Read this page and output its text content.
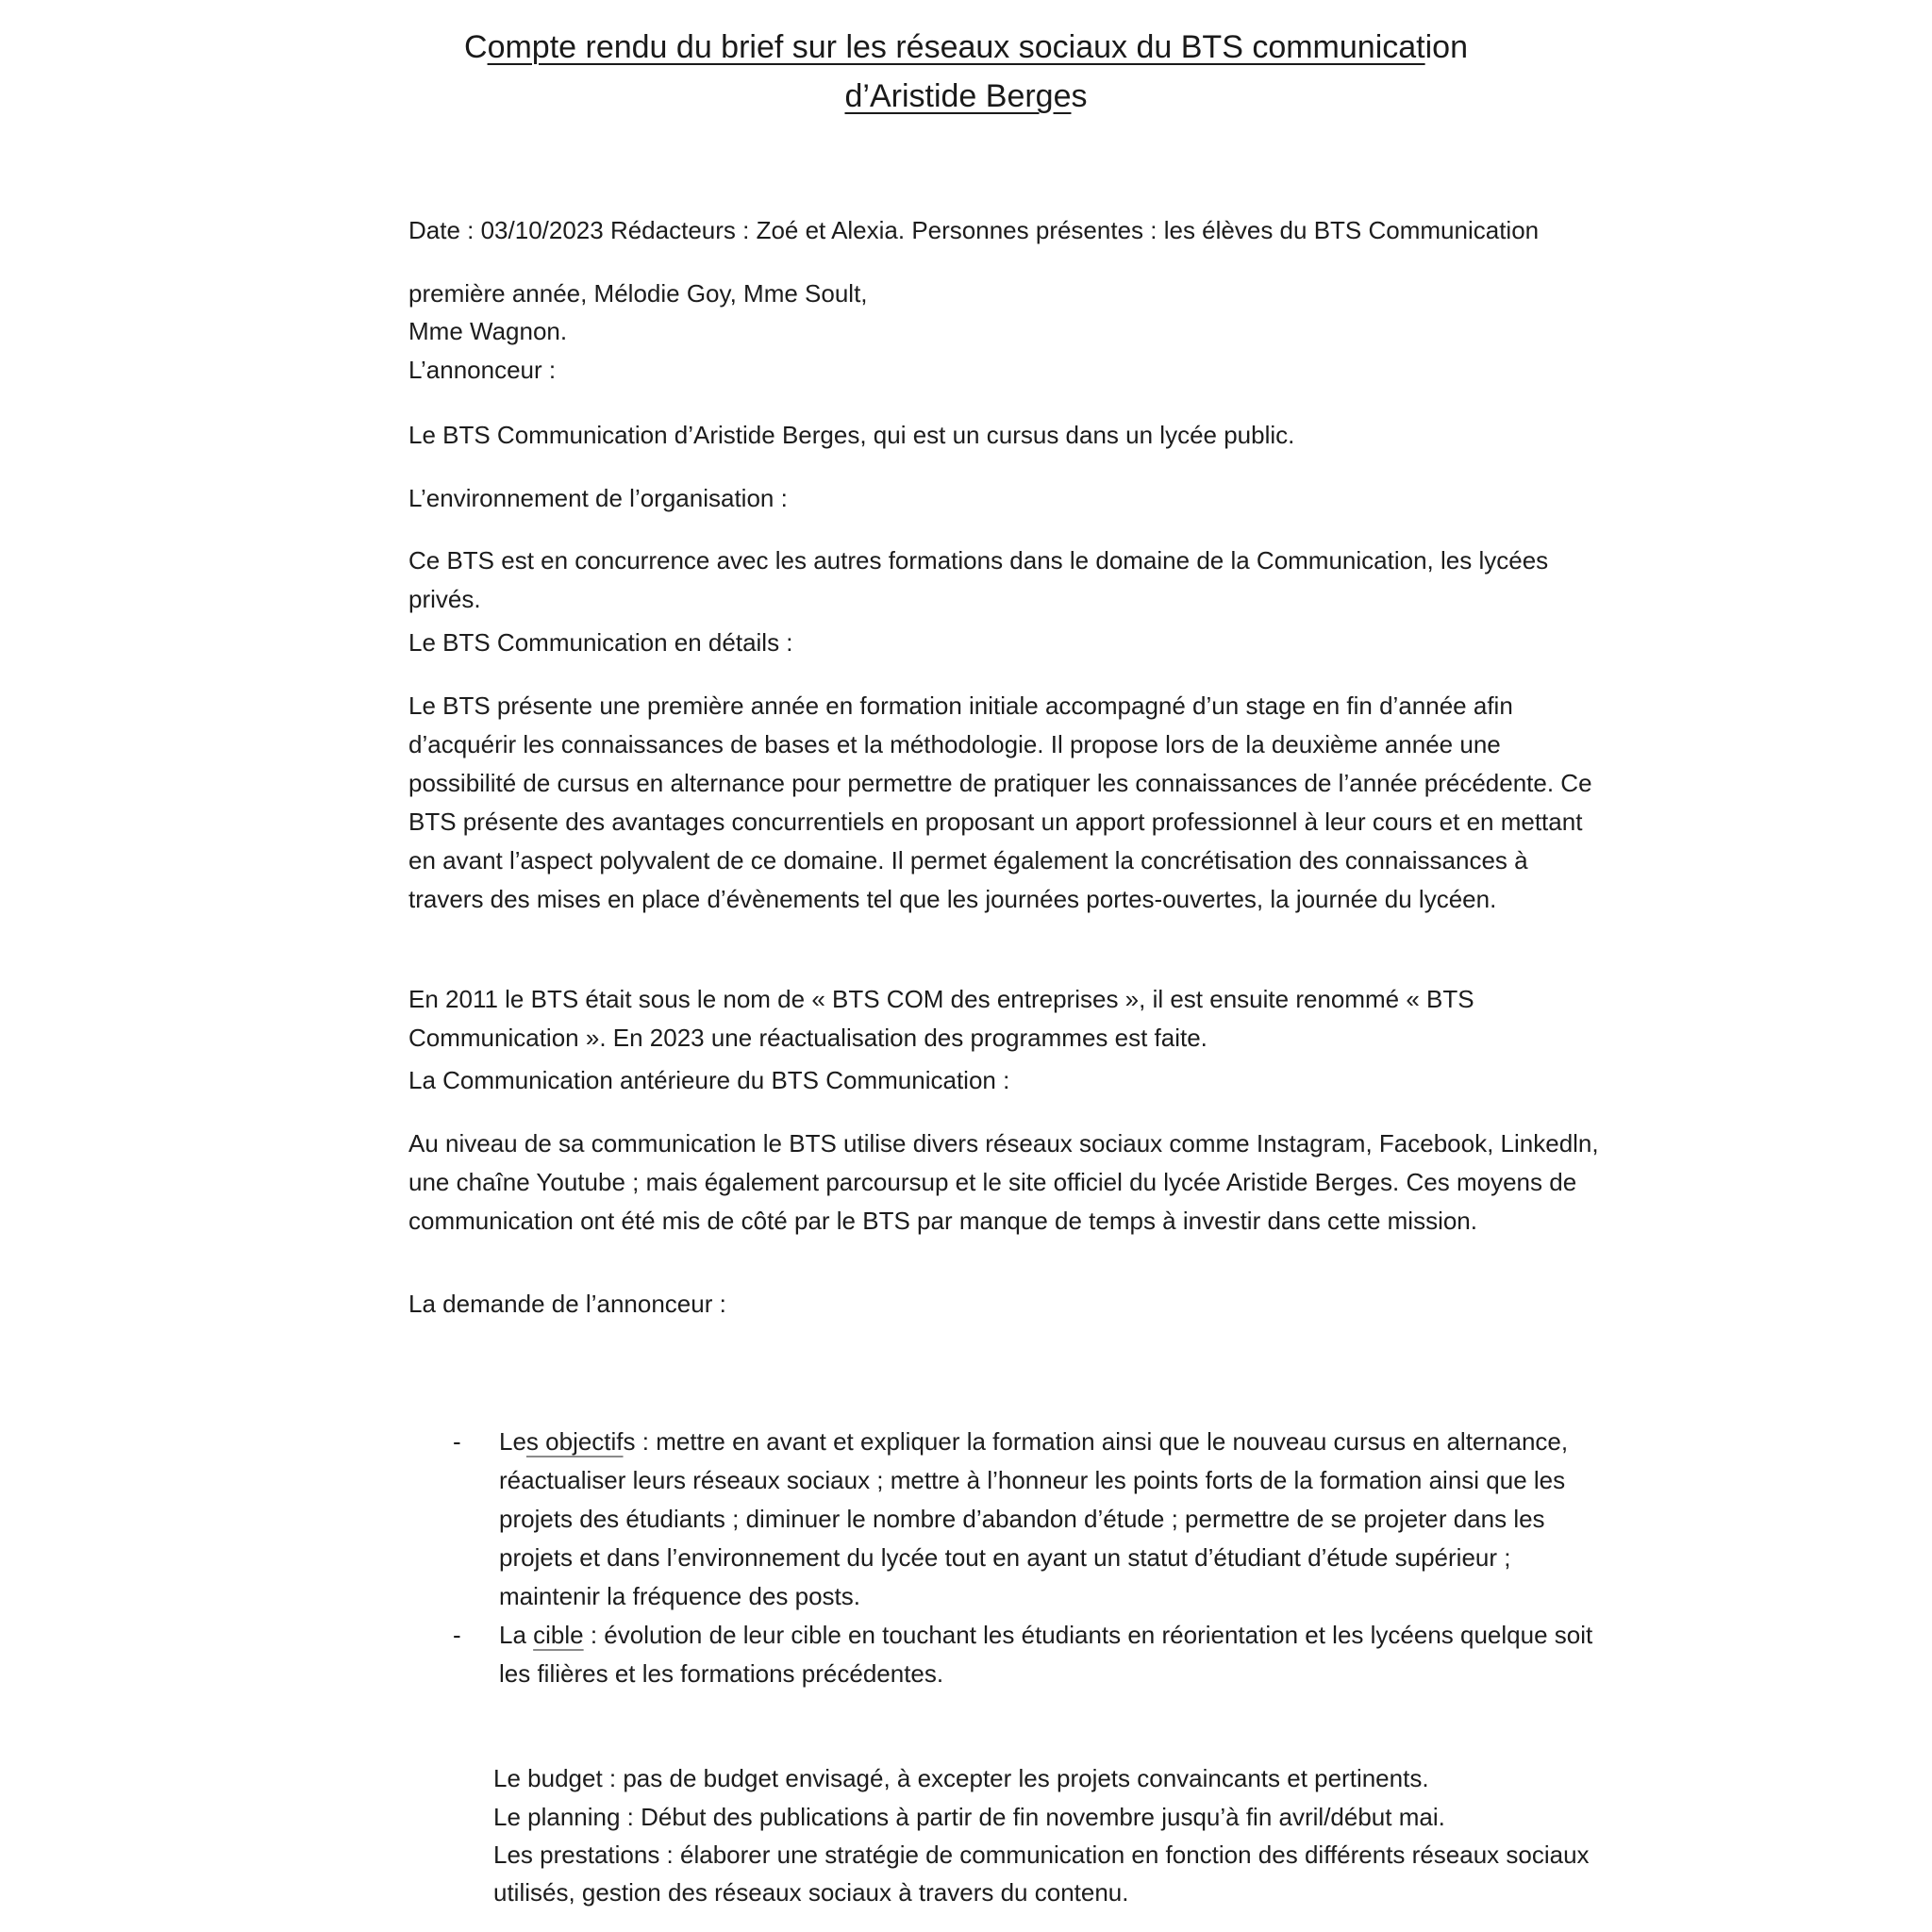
Compte rendu du brief sur les réseaux sociaux du BTS communication
d’Aristide Berges
Date : 03/10/2023 Rédacteurs : Zoé et Alexia. Personnes présentes : les élèves du BTS Communication
première année, Mélodie Goy, Mme Soult,
Mme Wagnon.
L’annonceur :
Le BTS Communication d’Aristide Berges, qui est un cursus dans un lycée public.
L’environnement de l’organisation :
Ce BTS est en concurrence avec les autres formations dans le domaine de la Communication, les lycées privés.
Le BTS Communication en détails :
Le BTS présente une première année en formation initiale accompagné d’un stage en fin d’année afin d’acquérir les connaissances de bases et la méthodologie. Il propose lors de la deuxième année une possibilité de cursus en alternance pour permettre de pratiquer les connaissances de l’année précédente. Ce BTS présente des avantages concurrentiels en proposant un apport professionnel à leur cours et en mettant en avant l’aspect polyvalent de ce domaine. Il permet également la concrétisation des connaissances à travers des mises en place d’évènements tel que les journées portes-ouvertes, la journée du lycéen.
En 2011 le BTS était sous le nom de « BTS COM des entreprises », il est ensuite renommé « BTS Communication ». En 2023 une réactualisation des programmes est faite.
La Communication antérieure du BTS Communication :
Au niveau de sa communication le BTS utilise divers réseaux sociaux comme Instagram, Facebook, Linkedln, une chaîne Youtube ; mais également parcoursup et le site officiel du lycée Aristide Berges. Ces moyens de communication ont été mis de côté par le BTS par manque de temps à investir dans cette mission.
La demande de l’annonceur :
- Les objectifs : mettre en avant et expliquer la formation ainsi que le nouveau cursus en alternance, réactualiser leurs réseaux sociaux ; mettre à l’honneur les points forts de la formation ainsi que les projets des étudiants ; diminuer le nombre d’abandon d’étude ; permettre de se projeter dans les projets et dans l’environnement du lycée tout en ayant un statut d’étudiant d’étude supérieur ; maintenir la fréquence des posts.
- La cible : évolution de leur cible en touchant les étudiants en réorientation et les lycéens quelque soit les filières et les formations précédentes.
Le budget : pas de budget envisagé, à excepter les projets convaincants et pertinents.
Le planning : Début des publications à partir de fin novembre jusqu’à fin avril/début mai.
Les prestations : élaborer une stratégie de communication en fonction des différents réseaux sociaux utilisés, gestion des réseaux sociaux à travers du contenu.
